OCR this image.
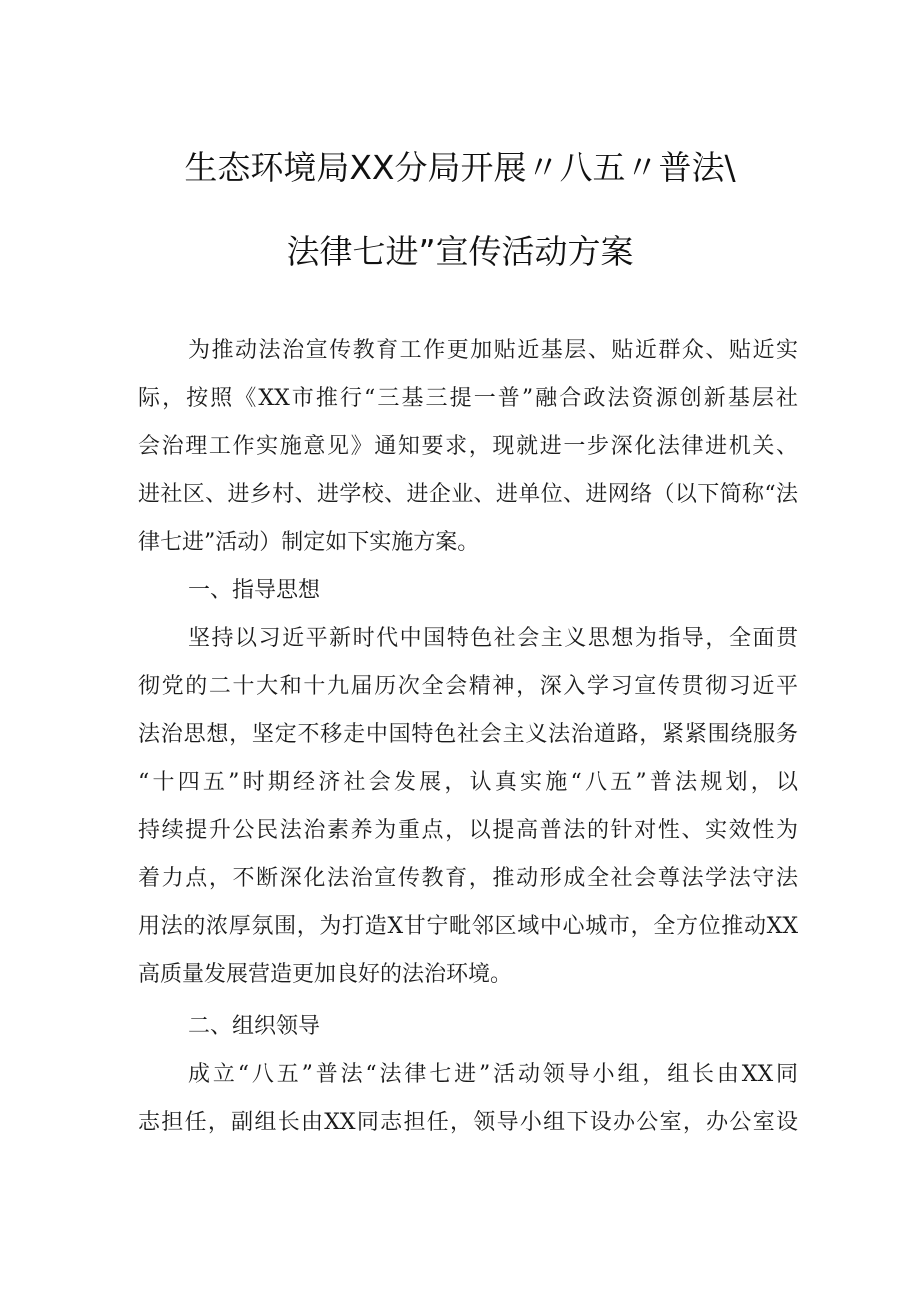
生态环境局XX分局开展〃八五〃普法\
法律七进”宣传活动方案
为推动法治宣传教育工作更加贴近基层、贴近群众、贴近实
际，按照《XX市推行“三基三提一普”融合政法资源创新基层社
会治理工作实施意见》通知要求，现就进一步深化法律进机关、
进社区、进乡村、进学校、进企业、进单位、进网络（以下简称“法
律七进”活动）制定如下实施方案。
一、指导思想
坚持以习近平新时代中国特色社会主义思想为指导，全面贯
彻党的二十大和十九届历次全会精神，深入学习宣传贯彻习近平
法治思想，坚定不移走中国特色社会主义法治道路，紧紧围绕服务
“十四五”时期经济社会发展，认真实施“八五”普法规划，以
持续提升公民法治素养为重点，以提高普法的针对性、实效性为
着力点，不断深化法治宣传教育，推动形成全社会尊法学法守法
用法的浓厚氛围，为打造X甘宁毗邻区域中心城市，全方位推动XX
高质量发展营造更加良好的法治环境。
二、组织领导
成立“八五”普法“法律七进”活动领导小组，组长由XX同
志担任，副组长由XX同志担任，领导小组下设办公室，办公室设
